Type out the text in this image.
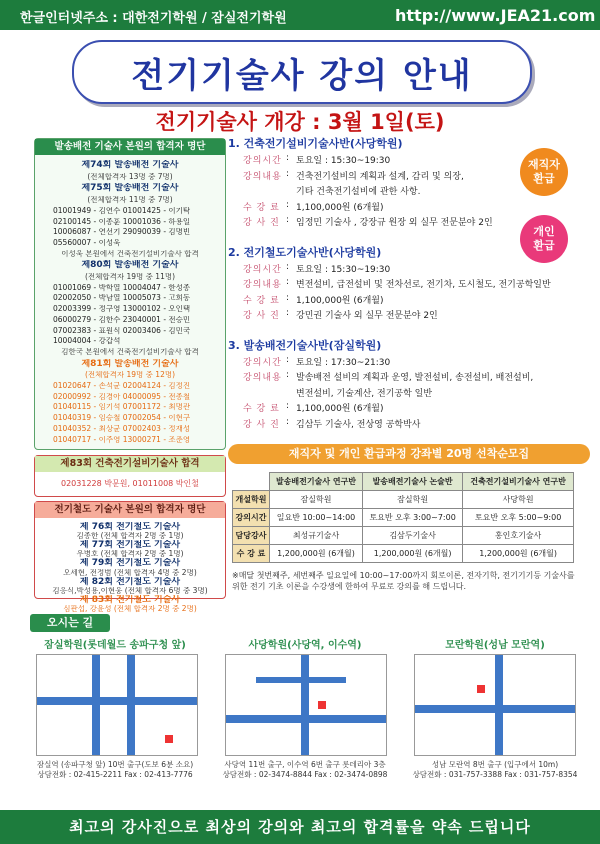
한글인터넷주소 : 대한전기학원 / 잠실전기학원	http://www.JEA21.com
전기기술사 강의 안내
전기기술사 개강 : 3월 1일(토)
발송배전 기술사 본원의 합격자 명단
제74회 발송배전 기술사
(전체합격자 13명 중 7명)
제75회 발송배전 기술사
(전체합격자 11명 중 7명)
01001949 - 김연수 01001425 - 이기탁
02100145 - 이종훈 10001036 - 하용일
10006087 - 연선기 29090039 - 김명빈
05560007 - 이성욱
이성욱 본원에서 건축전기설비기술사 합격
제80회 발송배전 기술사
(전체합격자 19명 중 11명)
01001069 - 박학열 10004047 - 한성종
02002050 - 박남열 10005073 - 고희동
02003399 - 정구영 13000102 - 오인택
06000279 - 김한수 23040001 - 전승민
07002383 - 표원식 02003406 - 김민국
10004004 - 강갑석
김한국 본원에서 건축전기설비기술사 합격
제81회 발송배전 기술사
(전체합격자 19명 중 12명)
01020647 - 손석균 02004124 - 김정진
02000992 - 김경아 04000095 - 전종철
01040115 - 임기석 07001172 - 최명관
01040319 - 임승철 07002054 - 이현구
01040352 - 최상균 07002403 - 정재성
01040717 - 이주영 13000271 - 조춘영
제83회 건축전기설비기술사 합격
02031228 박문원, 01011008 박인철
전기철도 기술사 본원의 합격자 명단
제 76회 전기철도 기술사
김종한 (전체 합격자 2명 중 1명)
제 77회 전기철도 기술사
우병호 (전체 합격자 2명 중 1명)
제 79회 전기철도 기술사
오세현, 전정범 (전체 합격자 4명 중 2명)
제 82회 전기철도 기술사
김응식,박성용,이현웅 (전체 합격자 6명 중 3명)
제 83회 전기철도 기술사
심판섭, 강윤성 (전체 합격자 2명 중 2명)
1. 건축전기설비기술사반(사당학원)
강의시간 : 토요일 : 15:30~19:30
강의내용 : 건축전기설비의 계획과 설계, 감리 및 의장,
기타 건축전기설비에 관한 사항.
수 강 료 : 1,100,000원 (6개월)
강 사 진 : 임정민 기술사 , 강장규 원장 외 실무 전문분야 2인
2. 전기철도기술사반(사당학원)
강의시간 : 토요일 : 15:30~19:30
강의내용 : 변전설비, 급전설비 및 전차선로, 전기차, 도시철도, 전기공학일반
수 강 료 : 1,100,000원 (6개월)
강 사 진 : 강민권 기술사 외 실무 전문분야 2인
3. 발송배전기술사반(잠실학원)
강의시간 : 토요일 : 17:30~21:30
강의내용 : 발송배전 설비의 계획과 운영, 발전설비, 송전설비, 배전설비,
변전설비, 기술계산, 전기공학 일반
수 강 료 : 1,100,000원 (6개월)
강 사 진 : 김삼두 기술사, 전상영 공학박사
재직자
환급
개인
환급
재직자 및 개인 환급과정 강좌별 20명 선착순모집
	발송배전기술사 연구반	발송배전기술사 논술반	건축전기설비기술사 연구반
개설학원	잠실학원	잠실학원	사당학원
강의시간	일요반 10:00~14:00	토요반 오후 3:00~7:00	토요반 오후 5:00~9:00
담당강사	최성규기술사	김삼두기술사	홍인호기술사
수 강 료	1,200,000원 (6개월)	1,200,000원 (6개월)	1,200,000원 (6개월)
※매달 첫번째주, 세번째주 일요일에 10:00~17:00까지 회로이론, 전자기학, 전기기기등 기술사를 위한 전기 기초 이론을 수강생에 한하여 무료로 강의를 해 드립니다.
오시는 길
잠실학원(롯데월드 송파구청 앞)	사당학원(사당역, 이수역)	모란학원(성남 모란역)
잠실역 (송파구청 앞) 10번 출구(도보 6분 소요)
상담전화 : 02-415-2211 Fax : 02-413-7776
사당역 11번 출구, 이수역 6번 출구 롯데리아 3층
상담전화 : 02-3474-8844 Fax : 02-3474-0898
성남 모란역 8번 출구 (입구에서 10m)
상담전화 : 031-757-3388 Fax : 031-757-8354
최고의 강사진으로 최상의 강의와 최고의 합격률을 약속 드립니다
